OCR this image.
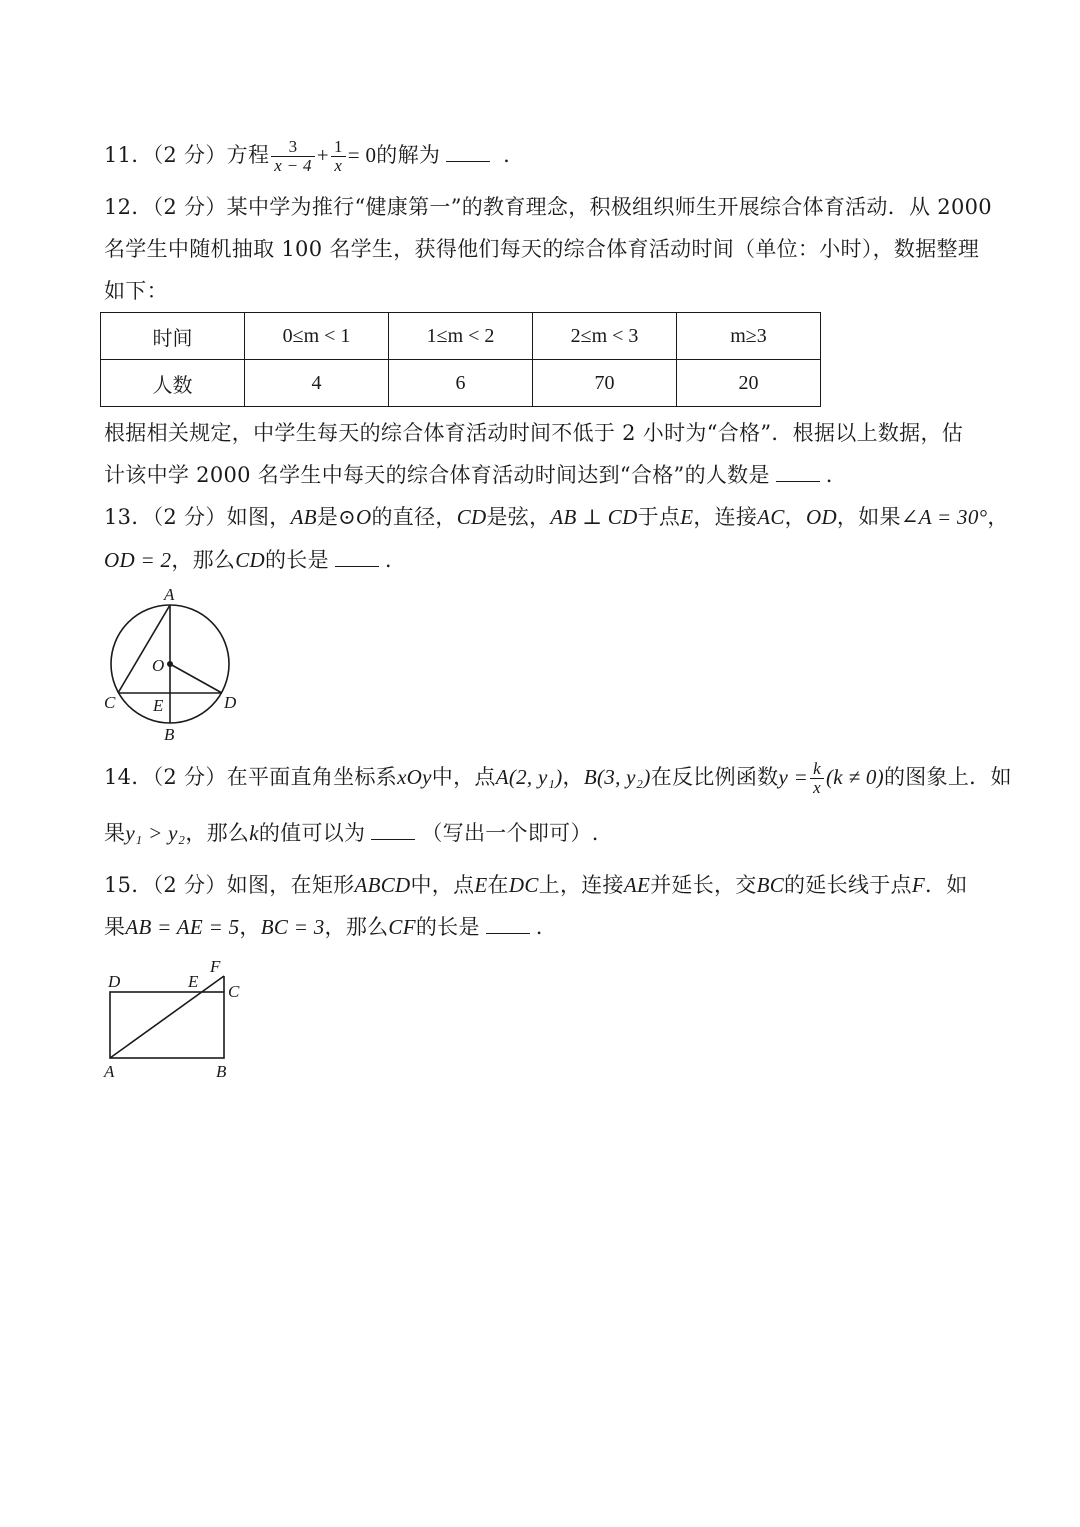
11．（2 分）方程 $\frac{3}{x - 4} + \frac{1}{x} = 0$的解为	.
12．（2 分）某中学为推行“健康第一”的教育理念，积极组织师生开展综合体育活动．从 2000
名学生中随机抽取 100 名学生，获得他们每天的综合体育活动时间（单位：小时），数据整理
如下：
时间	0≤m < 1	1≤m < 2	2≤m < 3	m≥3
人数	4	6	70	20
根据相关规定，中学生每天的综合体育活动时间不低于 2 小时为“合格”．根据以上数据，估
计该中学 2000 名学生中每天的综合体育活动时间达到“合格”的人数是	.
13．（2 分）如图，AB是⊙O的直径，CD是弦，AB ⊥ CD于点E，连接AC，OD，如果∠A = 30°，
OD = 2，那么CD的长是	.
A
O
C	D
E
B
14．（2 分）在平面直角坐标系xOy中，点A(2, y₁)，B(3, y₂)在反比例函数$y = \frac{k}{x} (k \ne 0)$的图象上．如
果y₁ > y₂，那么k的值可以为	（写出一个即可）.
15．（2 分）如图，在矩形ABCD中，点E在DC上，连接AE并延长，交BC的延长线于点F．如
果AB = AE = 5，BC = 3，那么CF的长是	.
D	E
F
C
A	B
